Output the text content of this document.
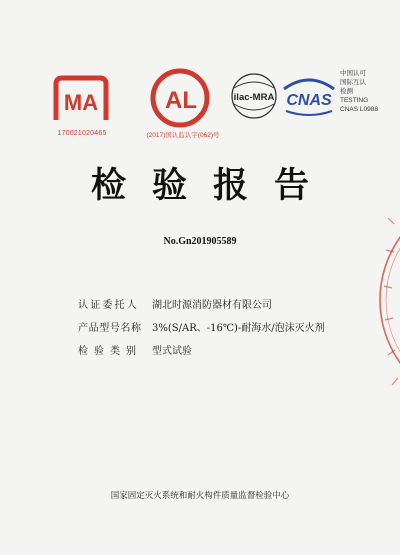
MA
170021020465
AL
(2017)国认监认字(062)号
ilac-MRA CNAS
中国认可
国际互认
检测
TESTING
CNAS L0988
检验报告
No.Gn201905589
认证委托人	湖北时源消防器材有限公司
产品型号名称	3%(S/AR、-16℃)-耐海水/泡沫灭火剂
检验类别	型式试验
国家固定灭火系统和耐火构件质量监督检验中心
